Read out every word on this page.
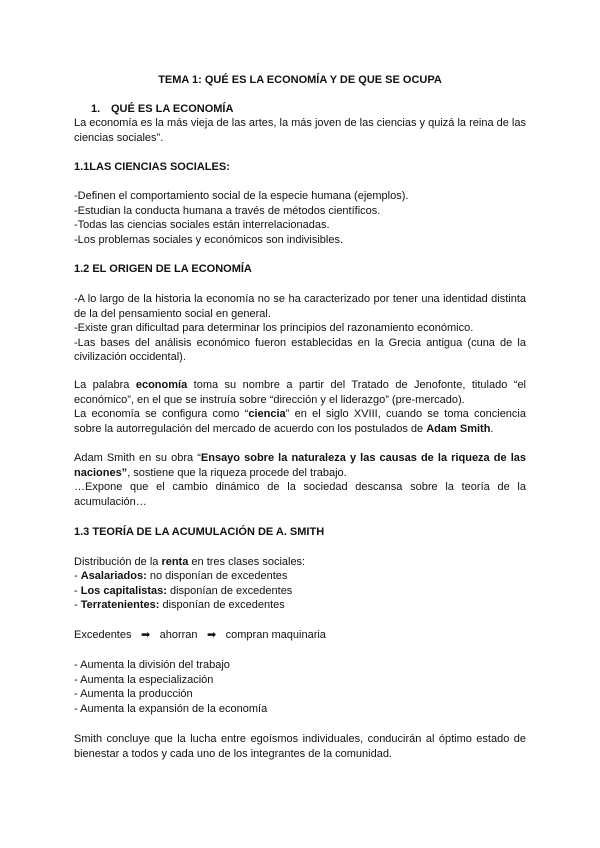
TEMA 1: QUÉ ES LA ECONOMÍA Y DE QUE SE OCUPA
1. QUÉ ES LA ECONOMÍA
La economía es la más vieja de las artes, la más joven de las ciencias y quizá la reina de las ciencias sociales”.
1.1LAS CIENCIAS SOCIALES:

-Definen el comportamiento social de la especie humana (ejemplos).

-Estudian la conducta humana a través de métodos científicos.

-Todas las ciencias sociales están interrelacionadas.

-Los problemas sociales y económicos son indivisibles.

1.2 EL ORIGEN DE LA ECONOMÍA

-A lo largo de la historia la economía no se ha caracterizado por tener una identidad distinta de la del pensamiento social en general.

-Existe gran dificultad para determinar los principios del razonamiento económico.

-Las bases del análisis económico fueron establecidas en la Grecia antigua (cuna de la civilización occidental).

La palabra economía toma su nombre a partir del Tratado de Jenofonte, titulado “el económico”, en el que se instruía sobre “dirección y el liderazgo” (pre-mercado).
La economía se configura como “ciencia” en el siglo XVIII, cuando se toma conciencia sobre la autorregulación del mercado de acuerdo con los postulados de Adam Smith.
Adam Smith en su obra “Ensayo sobre la naturaleza y las causas de la riqueza de las naciones”, sostiene que la riqueza procede del trabajo.
…Expone que el cambio dinámico de la sociedad descansa sobre la teoría de la acumulación…
1.3 TEORÍA DE LA ACUMULACIÓN DE A. SMITH
Distribución de la renta en tres clases sociales:

- Asalariados: no disponían de excedentes

- Los capitalistas: disponían de excedentes

- Terratenientes: disponían de excedentes

Excedentes ➡ ahorran ➡ compran maquinaria

- Aumenta la división del trabajo

- Aumenta la especialización

- Aumenta la producción

- Aumenta la expansión de la economía

Smith concluye que la lucha entre egoísmos individuales, conducirán al óptimo estado de bienestar a todos y cada uno de los integrantes de la comunidad.
